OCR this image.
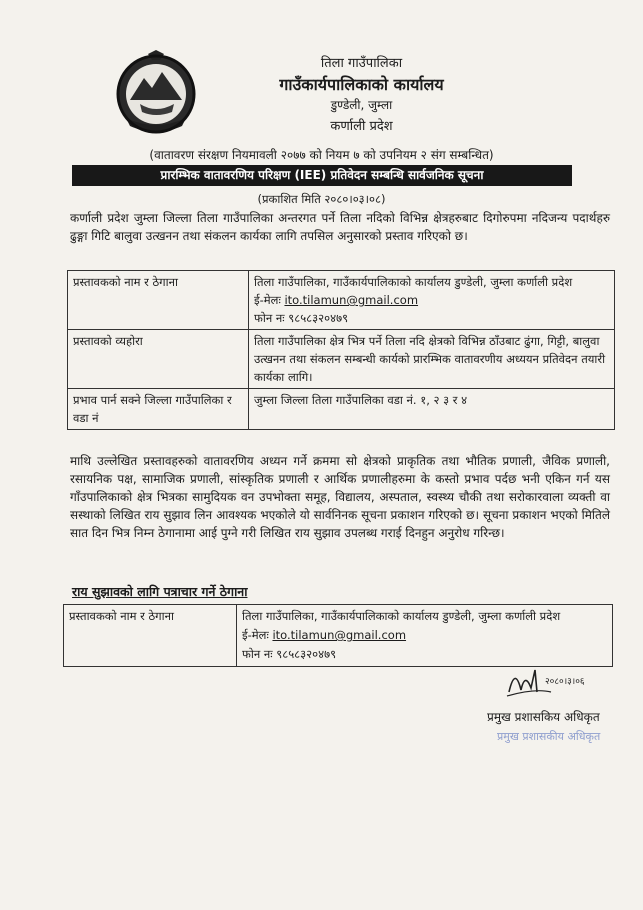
तिला गाउँपालिका
गाउँकार्यपालिकाको कार्यालय
डुण्डेली, जुम्ला
कर्णाली प्रदेश
(वातावरण संरक्षण नियमावली २०७७ को नियम ७ को उपनियम २ संग सम्बन्धित)
प्रारम्भिक वातावरणिय परिक्षण (IEE) प्रतिवेदन सम्बन्धि सार्वजनिक सूचना
(प्रकाशित मिति २०८०।०३।०८)
कर्णाली प्रदेश जुम्ला जिल्ला तिला गाउँपालिका अन्तरगत पर्ने तिला नदिको विभिन्न क्षेत्रहरुबाट दिगोरुपमा नदिजन्य पदार्थहरु ढुङ्गा गिटि बालुवा उत्खनन तथा संकलन कार्यका लागि तपसिल अनुसारको प्रस्ताव गरिएको छ।
प्रस्तावकको नाम र ठेगाना	तिला गाउँपालिका, गाउँकार्यपालिकाको कार्यालय डुण्डेली, जुम्ला कर्णाली प्रदेश
ई-मेलः ito.tilamun@gmail.com
फोन नः ९८५८३२०४७९

प्रस्तावको व्यहोरा	तिला गाउँपालिका क्षेत्र भित्र पर्ने तिला नदि क्षेत्रको विभिन्न ठाँउबाट ढुंगा, गिट्टी, बालुवा उत्खनन तथा संकलन सम्बन्धी कार्यको प्रारम्भिक वातावरणीय अध्ययन प्रतिवेदन तयारी कार्यका लागि।
प्रभाव पार्न सक्ने जिल्ला गाउँपालिका र वडा नं	जुम्ला जिल्ला तिला गाउँपालिका वडा नं. १, २ ३ र ४
माथि उल्लेखित प्रस्तावहरुको वातावरणिय अध्यन गर्ने क्रममा सो क्षेत्रको प्राकृतिक तथा भौतिक प्रणाली, जैविक प्रणाली, रसायनिक पक्ष, सामाजिक प्रणाली, सांस्कृतिक प्रणाली र आर्थिक प्रणालीहरुमा के कस्तो प्रभाव पर्दछ भनी एकिन गर्न यस गाँउपालिकाको क्षेत्र भित्रका सामुदियक वन उपभोक्ता समूह, विद्यालय, अस्पताल, स्वस्थ्य चौकी तथा सरोकारवाला व्यक्ती वा सस्थाको लिखित राय सुझाव लिन आवश्यक भएकोले यो सार्वनिनक सूचना प्रकाशन गरिएको छ। सूचना प्रकाशन भएको मितिले सात दिन भित्र निम्न ठेगानामा आई पुग्ने गरी लिखित राय सुझाव उपलब्ध गराई दिनहुन अनुरोध गरिन्छ।
राय सुझावको लागि पत्राचार गर्ने ठेगाना
प्रस्तावकको नाम र ठेगाना	तिला गाउँपालिका, गाउँकार्यपालिकाको कार्यालय डुण्डेली, जुम्ला कर्णाली प्रदेश
ई-मेलः ito.tilamun@gmail.com
फोन नः ९८५८३२०४७९
२०८०।३।०६
प्रमुख प्रशासकिय अधिकृत
प्रमुख प्रशासकीय अधिकृत
